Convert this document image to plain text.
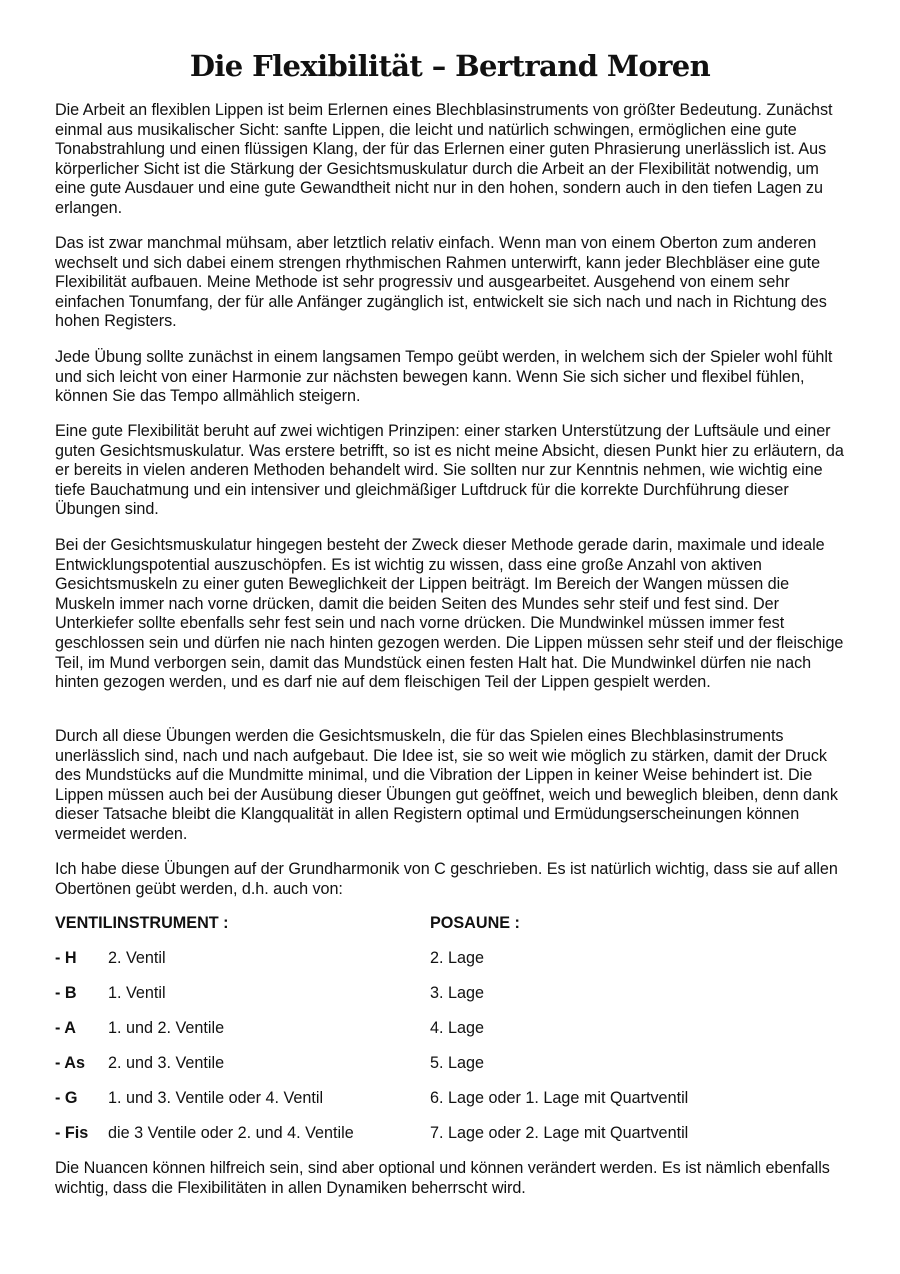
Die Flexibilität – Bertrand Moren

Die Arbeit an flexiblen Lippen ist beim Erlernen eines Blechblasinstruments von größter Bedeutung. Zunächst einmal aus musikalischer Sicht: sanfte Lippen, die leicht und natürlich schwingen, ermöglichen eine gute Tonabstrahlung und einen flüssigen Klang, der für das Erlernen einer guten Phrasierung unerlässlich ist. Aus körperlicher Sicht ist die Stärkung der Gesichtsmuskulatur durch die Arbeit an der Flexibilität notwendig, um eine gute Ausdauer und eine gute Gewandtheit nicht nur in den hohen, sondern auch in den tiefen Lagen zu erlangen.

Das ist zwar manchmal mühsam, aber letztlich relativ einfach. Wenn man von einem Oberton zum anderen wechselt und sich dabei einem strengen rhythmischen Rahmen unterwirft, kann jeder Blechbläser eine gute Flexibilität aufbauen. Meine Methode ist sehr progressiv und ausgearbeitet. Ausgehend von einem sehr einfachen Tonumfang, der für alle Anfänger zugänglich ist, entwickelt sie sich nach und nach in Richtung des hohen Registers.

Jede Übung sollte zunächst in einem langsamen Tempo geübt werden, in welchem sich der Spieler wohl fühlt und sich leicht von einer Harmonie zur nächsten bewegen kann. Wenn Sie sich sicher und flexibel fühlen, können Sie das Tempo allmählich steigern.

Eine gute Flexibilität beruht auf zwei wichtigen Prinzipen: einer starken Unterstützung der Luftsäule und einer guten Gesichtsmuskulatur. Was erstere betrifft, so ist es nicht meine Absicht, diesen Punkt hier zu erläutern, da er bereits in vielen anderen Methoden behandelt wird. Sie sollten nur zur Kenntnis nehmen, wie wichtig eine tiefe Bauchatmung und ein intensiver und gleichmäßiger Luftdruck für die korrekte Durchführung dieser Übungen sind.

Bei der Gesichtsmuskulatur hingegen besteht der Zweck dieser Methode gerade darin, maximale und ideale Entwicklungspotential auszuschöpfen. Es ist wichtig zu wissen, dass eine große Anzahl von aktiven Gesichtsmuskeln zu einer guten Beweglichkeit der Lippen beiträgt. Im Bereich der Wangen müssen die Muskeln immer nach vorne drücken, damit die beiden Seiten des Mundes sehr steif und fest sind. Der Unterkiefer sollte ebenfalls sehr fest sein und nach vorne drücken. Die Mundwinkel müssen immer fest geschlossen sein und dürfen nie nach hinten gezogen werden. Die Lippen müssen sehr steif und der fleischige Teil, im Mund verborgen sein, damit das Mundstück einen festen Halt hat. Die Mundwinkel dürfen nie nach hinten gezogen werden, und es darf nie auf dem fleischigen Teil der Lippen gespielt werden.

Durch all diese Übungen werden die Gesichtsmuskeln, die für das Spielen eines Blechblasinstruments unerlässlich sind, nach und nach aufgebaut. Die Idee ist, sie so weit wie möglich zu stärken, damit der Druck des Mundstücks auf die Mundmitte minimal, und die Vibration der Lippen in keiner Weise behindert ist. Die Lippen müssen auch bei der Ausübung dieser Übungen gut geöffnet, weich und beweglich bleiben, denn dank dieser Tatsache bleibt die Klangqualität in allen Registern optimal und Ermüdungserscheinungen können vermeidet werden.

Ich habe diese Übungen auf der Grundharmonik von C geschrieben. Es ist natürlich wichtig, dass sie auf allen Obertönen geübt werden, d.h. auch von:

VENTILINSTRUMENT :	POSAUNE :
- H 2. Ventil	2. Lage
- B 1. Ventil	3. Lage
- A 1. und 2. Ventile	4. Lage
- As 2. und 3. Ventile	5. Lage
- G 1. und 3. Ventile oder 4. Ventil	6. Lage oder 1. Lage mit Quartventil
- Fis die 3 Ventile oder 2. und 4. Ventile	7. Lage oder 2. Lage mit Quartventil

Die Nuancen können hilfreich sein, sind aber optional und können verändert werden. Es ist nämlich ebenfalls wichtig, dass die Flexibilitäten in allen Dynamiken beherrscht wird.
